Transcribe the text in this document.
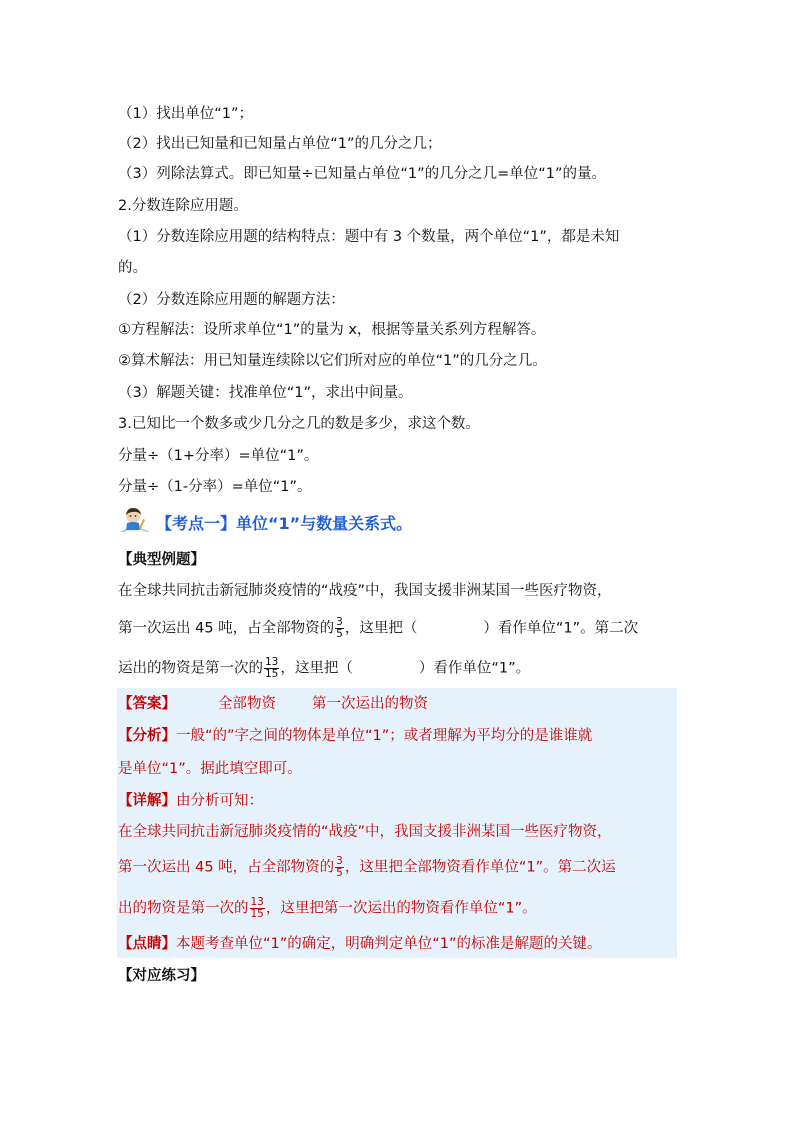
（1）找出单位“1”；
（2）找出已知量和已知量占单位“1”的几分之几；
（3）列除法算式。即已知量÷已知量占单位“1”的几分之几=单位“1”的量。
2.分数连除应用题。
（1）分数连除应用题的结构特点：题中有 3 个数量，两个单位“1”，都是未知
的。
（2）分数连除应用题的解题方法：
①方程解法：设所求单位“1”的量为 x，根据等量关系列方程解答。
②算术解法：用已知量连续除以它们所对应的单位“1”的几分之几。
（3）解题关键：找准单位“1”，求出中间量。
3.已知比一个数多或少几分之几的数是多少，求这个数。
分量÷（1+分率）=单位“1”。
分量÷（1-分率）=单位“1”。
【考点一】单位“1”与数量关系式。
【典型例题】
在全球共同抗击新冠肺炎疫情的“战疫”中，我国支援非洲某国一些医疗物资，
第一次运出 45 吨，占全部物资的 $\frac{3}{5}$ ，这里把（	）看作单位“1”。第二次
运出的物资是第一次的 $\frac{13}{15}$ ，这里把（	）看作单位“1”。
【答案】	全部物资 第一次运出的物资
【分析】一般“的”字之间的物体是单位“1”；或者理解为平均分的是谁谁就
是单位“1”。据此填空即可。
【详解】由分析可知：
在全球共同抗击新冠肺炎疫情的“战疫”中，我国支援非洲某国一些医疗物资，
第一次运出 45 吨，占全部物资的 $\frac{3}{5}$ ，这里把全部物资看作单位“1”。第二次运
出的物资是第一次的 $\frac{13}{15}$ ，这里把第一次运出的物资看作单位“1”。
【点睛】本题考查单位“1”的确定，明确判定单位“1”的标准是解题的关键。
【对应练习】
